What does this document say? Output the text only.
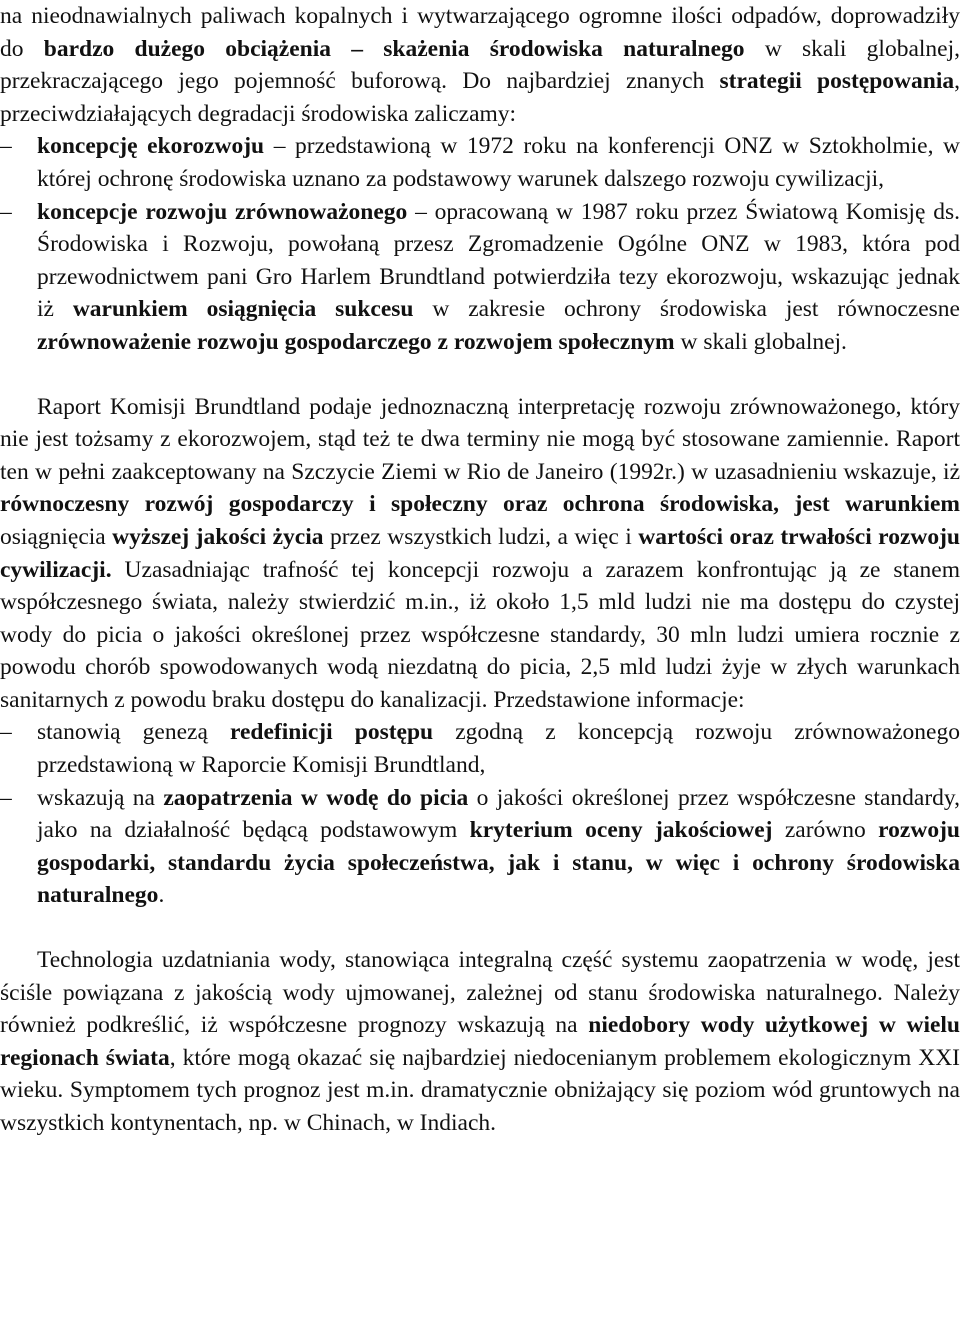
na nieodnawialnych paliwach kopalnych i wytwarzającego ogromne ilości odpadów, doprowadziły do bardzo dużego obciążenia – skażenia środowiska naturalnego w skali globalnej, przekraczającego jego pojemność buforową. Do najbardziej znanych strategii postępowania, przeciwdziałających degradacji środowiska zaliczamy:

–	koncepcję ekorozwoju – przedstawioną w 1972 roku na konferencji ONZ w Sztokholmie, w której ochronę środowiska uznano za podstawowy warunek dalszego rozwoju cywilizacji,
–	koncepcje rozwoju zrównoważonego – opracowaną w 1987 roku przez Światową Komisję ds. Środowiska i Rozwoju, powołaną przesz Zgromadzenie Ogólne ONZ w 1983, która pod przewodnictwem pani Gro Harlem Brundtland potwierdziła tezy ekorozwoju, wskazując jednak iż warunkiem osiągnięcia sukcesu w zakresie ochrony środowiska jest równoczesne zrównoważenie rozwoju gospodarczego z rozwojem społecznym w skali globalnej.

Raport Komisji Brundtland podaje jednoznaczną interpretację rozwoju zrównoważonego, który nie jest tożsamy z ekorozwojem, stąd też te dwa terminy nie mogą być stosowane zamiennie. Raport ten w pełni zaakceptowany na Szczycie Ziemi w Rio de Janeiro (1992r.) w uzasadnieniu wskazuje, iż równoczesny rozwój gospodarczy i społeczny oraz ochrona środowiska, jest warunkiem osiągnięcia wyższej jakości życia przez wszystkich ludzi, a więc i wartości oraz trwałości rozwoju cywilizacji. Uzasadniając trafność tej koncepcji rozwoju a zarazem konfrontując ją ze stanem współczesnego świata, należy stwierdzić m.in., iż około 1,5 mld ludzi nie ma dostępu do czystej wody do picia o jakości określonej przez współczesne standardy, 30 mln ludzi umiera rocznie z powodu chorób spowodowanych wodą niezdatną do picia, 2,5 mld ludzi żyje w złych warunkach sanitarnych z powodu braku dostępu do kanalizacji. Przedstawione informacje:

–	stanowią genezą redefinicji postępu zgodną z koncepcją rozwoju zrównoważonego przedstawioną w Raporcie Komisji Brundtland,
–	wskazują na zaopatrzenia w wodę do picia o jakości określonej przez współczesne standardy, jako na działalność będącą podstawowym kryterium oceny jakościowej zarówno rozwoju gospodarki, standardu życia społeczeństwa, jak i stanu, w więc i ochrony środowiska naturalnego.

Technologia uzdatniania wody, stanowiąca integralną część systemu zaopatrzenia w wodę, jest ściśle powiązana z jakością wody ujmowanej, zależnej od stanu środowiska naturalnego. Należy również podkreślić, iż współczesne prognozy wskazują na niedobory wody użytkowej w wielu regionach świata, które mogą okazać się najbardziej niedocenianym problemem ekologicznym XXI wieku. Symptomem tych prognoz jest m.in. dramatycznie obniżający się poziom wód gruntowych na wszystkich kontynentach, np. w Chinach, w Indiach.
